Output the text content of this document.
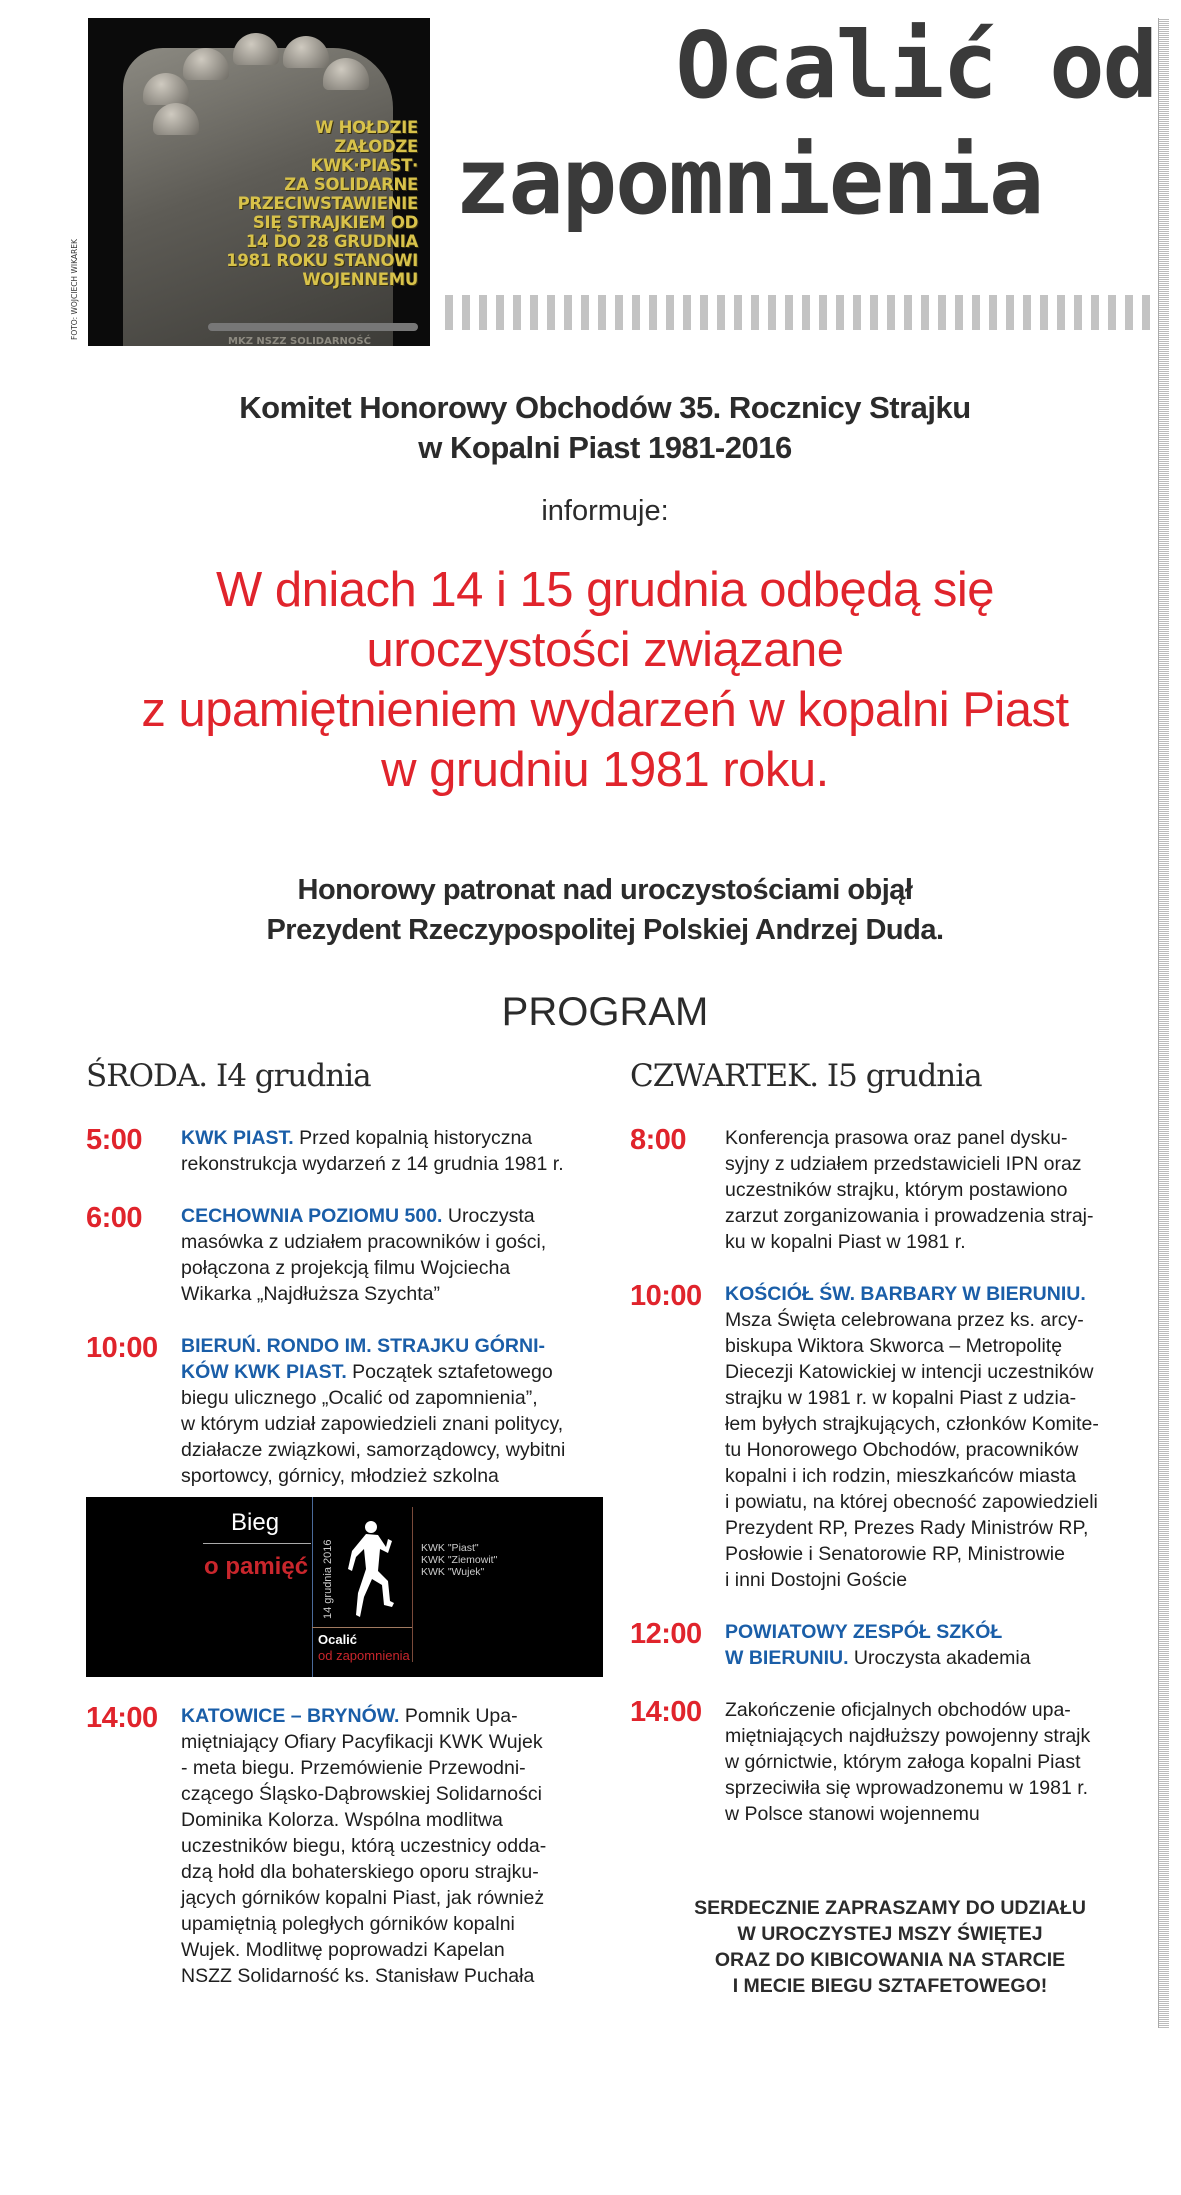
W HOŁDZIE
ZAŁODZE
KWK·PIAST·
ZA SOLIDARNE
PRZECIWSTAWIENIE
SIĘ STRAJKIEM OD
14 DO 28 GRUDNIA
1981 ROKU STANOWI
WOJENNEMU
MKZ NSZZ SOLIDARNOŚĆ
FOTO: WOJCIECH WIKAREK
Ocalić od
zapomnienia
Komitet Honorowy Obchodów 35. Rocznicy Strajku
w Kopalni Piast 1981-2016
informuje:
W dniach 14 i 15 grudnia odbędą się
uroczystości związane
z upamiętnieniem wydarzeń w kopalni Piast
w grudniu 1981 roku.
Honorowy patronat nad uroczystościami objął
Prezydent Rzeczypospolitej Polskiej Andrzej Duda.
PROGRAM
ŚRODA. I4 grudnia	CZWARTEK. I5 grudnia
5:00	KWK PIAST. Przed kopalnią historyczna
rekonstrukcja wydarzeń z 14 grudnia 1981 r.
6:00	CECHOWNIA POZIOMU 500. Uroczysta
masówka z udziałem pracowników i gości,
połączona z projekcją filmu Wojciecha
Wikarka „Najdłuższa Szychta”
10:00	BIERUŃ. RONDO IM. STRAJKU GÓRNI-
KÓW KWK PIAST. Początek sztafetowego
biegu ulicznego „Ocalić od zapomnienia”,
w którym udział zapowiedzieli znani politycy,
działacze związkowi, samorządowcy, wybitni
sportowcy, górnicy, młodzież szkolna
Bieg
o pamięć 14 grudnia 2016	KWK "Piast"
KWK "Ziemowit"
KWK "Wujek"
Ocalić
od zapomnienia
14:00	KATOWICE – BRYNÓW. Pomnik Upa-
miętniający Ofiary Pacyfikacji KWK Wujek
- meta biegu. Przemówienie Przewodni-
czącego Śląsko-Dąbrowskiej Solidarności
Dominika Kolorza. Wspólna modlitwa
uczestników biegu, którą uczestnicy odda-
dzą hołd dla bohaterskiego oporu strajku-
jących górników kopalni Piast, jak również
upamiętnią poległych górników kopalni
Wujek. Modlitwę poprowadzi Kapelan
NSZZ Solidarność ks. Stanisław Puchała
8:00	Konferencja prasowa oraz panel dysku-
syjny z udziałem przedstawicieli IPN oraz
uczestników strajku, którym postawiono
zarzut zorganizowania i prowadzenia straj-
ku w kopalni Piast w 1981 r.
10:00	KOŚCIÓŁ ŚW. BARBARY W BIERUNIU.
Msza Święta celebrowana przez ks. arcy-
biskupa Wiktora Skworca – Metropolitę
Diecezji Katowickiej w intencji uczestników
strajku w 1981 r. w kopalni Piast z udzia-
łem byłych strajkujących, członków Komite-
tu Honorowego Obchodów, pracowników
kopalni i ich rodzin, mieszkańców miasta
i powiatu, na której obecność zapowiedzieli
Prezydent RP, Prezes Rady Ministrów RP,
Posłowie i Senatorowie RP, Ministrowie
i inni Dostojni Goście
12:00	POWIATOWY ZESPÓŁ SZKÓŁ
W BIERUNIU. Uroczysta akademia
14:00	Zakończenie oficjalnych obchodów upa-
miętniających najdłuższy powojenny strajk
w górnictwie, którym załoga kopalni Piast
sprzeciwiła się wprowadzonemu w 1981 r.
w Polsce stanowi wojennemu
SERDECZNIE ZAPRASZAMY DO UDZIAŁU
W UROCZYSTEJ MSZY ŚWIĘTEJ
ORAZ DO KIBICOWANIA NA STARCIE
I MECIE BIEGU SZTAFETOWEGO!
